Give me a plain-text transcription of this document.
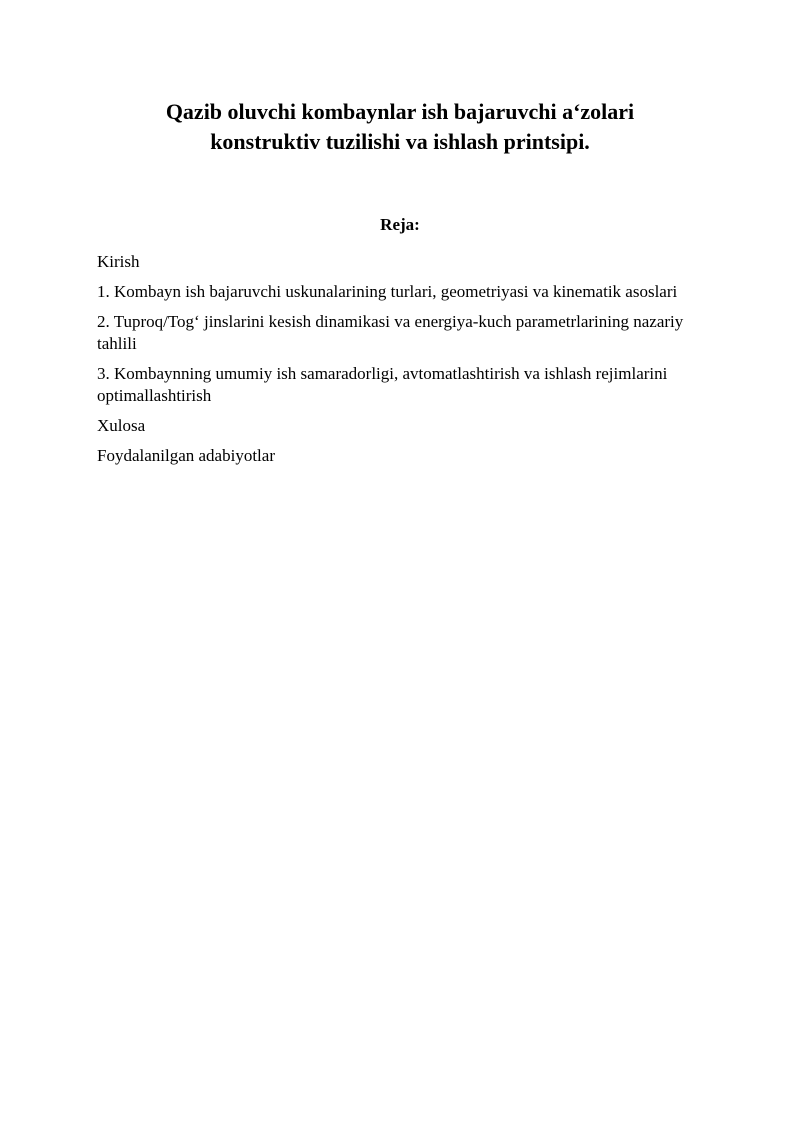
Qazib oluvchi kombaynlar ish bajaruvchi aʻzolari
konstruktiv tuzilishi va ishlash printsipi.
Reja:
Kirish
1. Kombayn ish bajaruvchi uskunalarining turlari, geometriyasi va kinematik asoslari
2. Tuproq/Togʻ jinslarini kesish dinamikasi va energiya-kuch parametrlarining nazariy tahlili
3. Kombaynning umumiy ish samaradorligi, avtomatlashtirish va ishlash rejimlarini optimallashtirish
Xulosa
Foydalanilgan adabiyotlar
